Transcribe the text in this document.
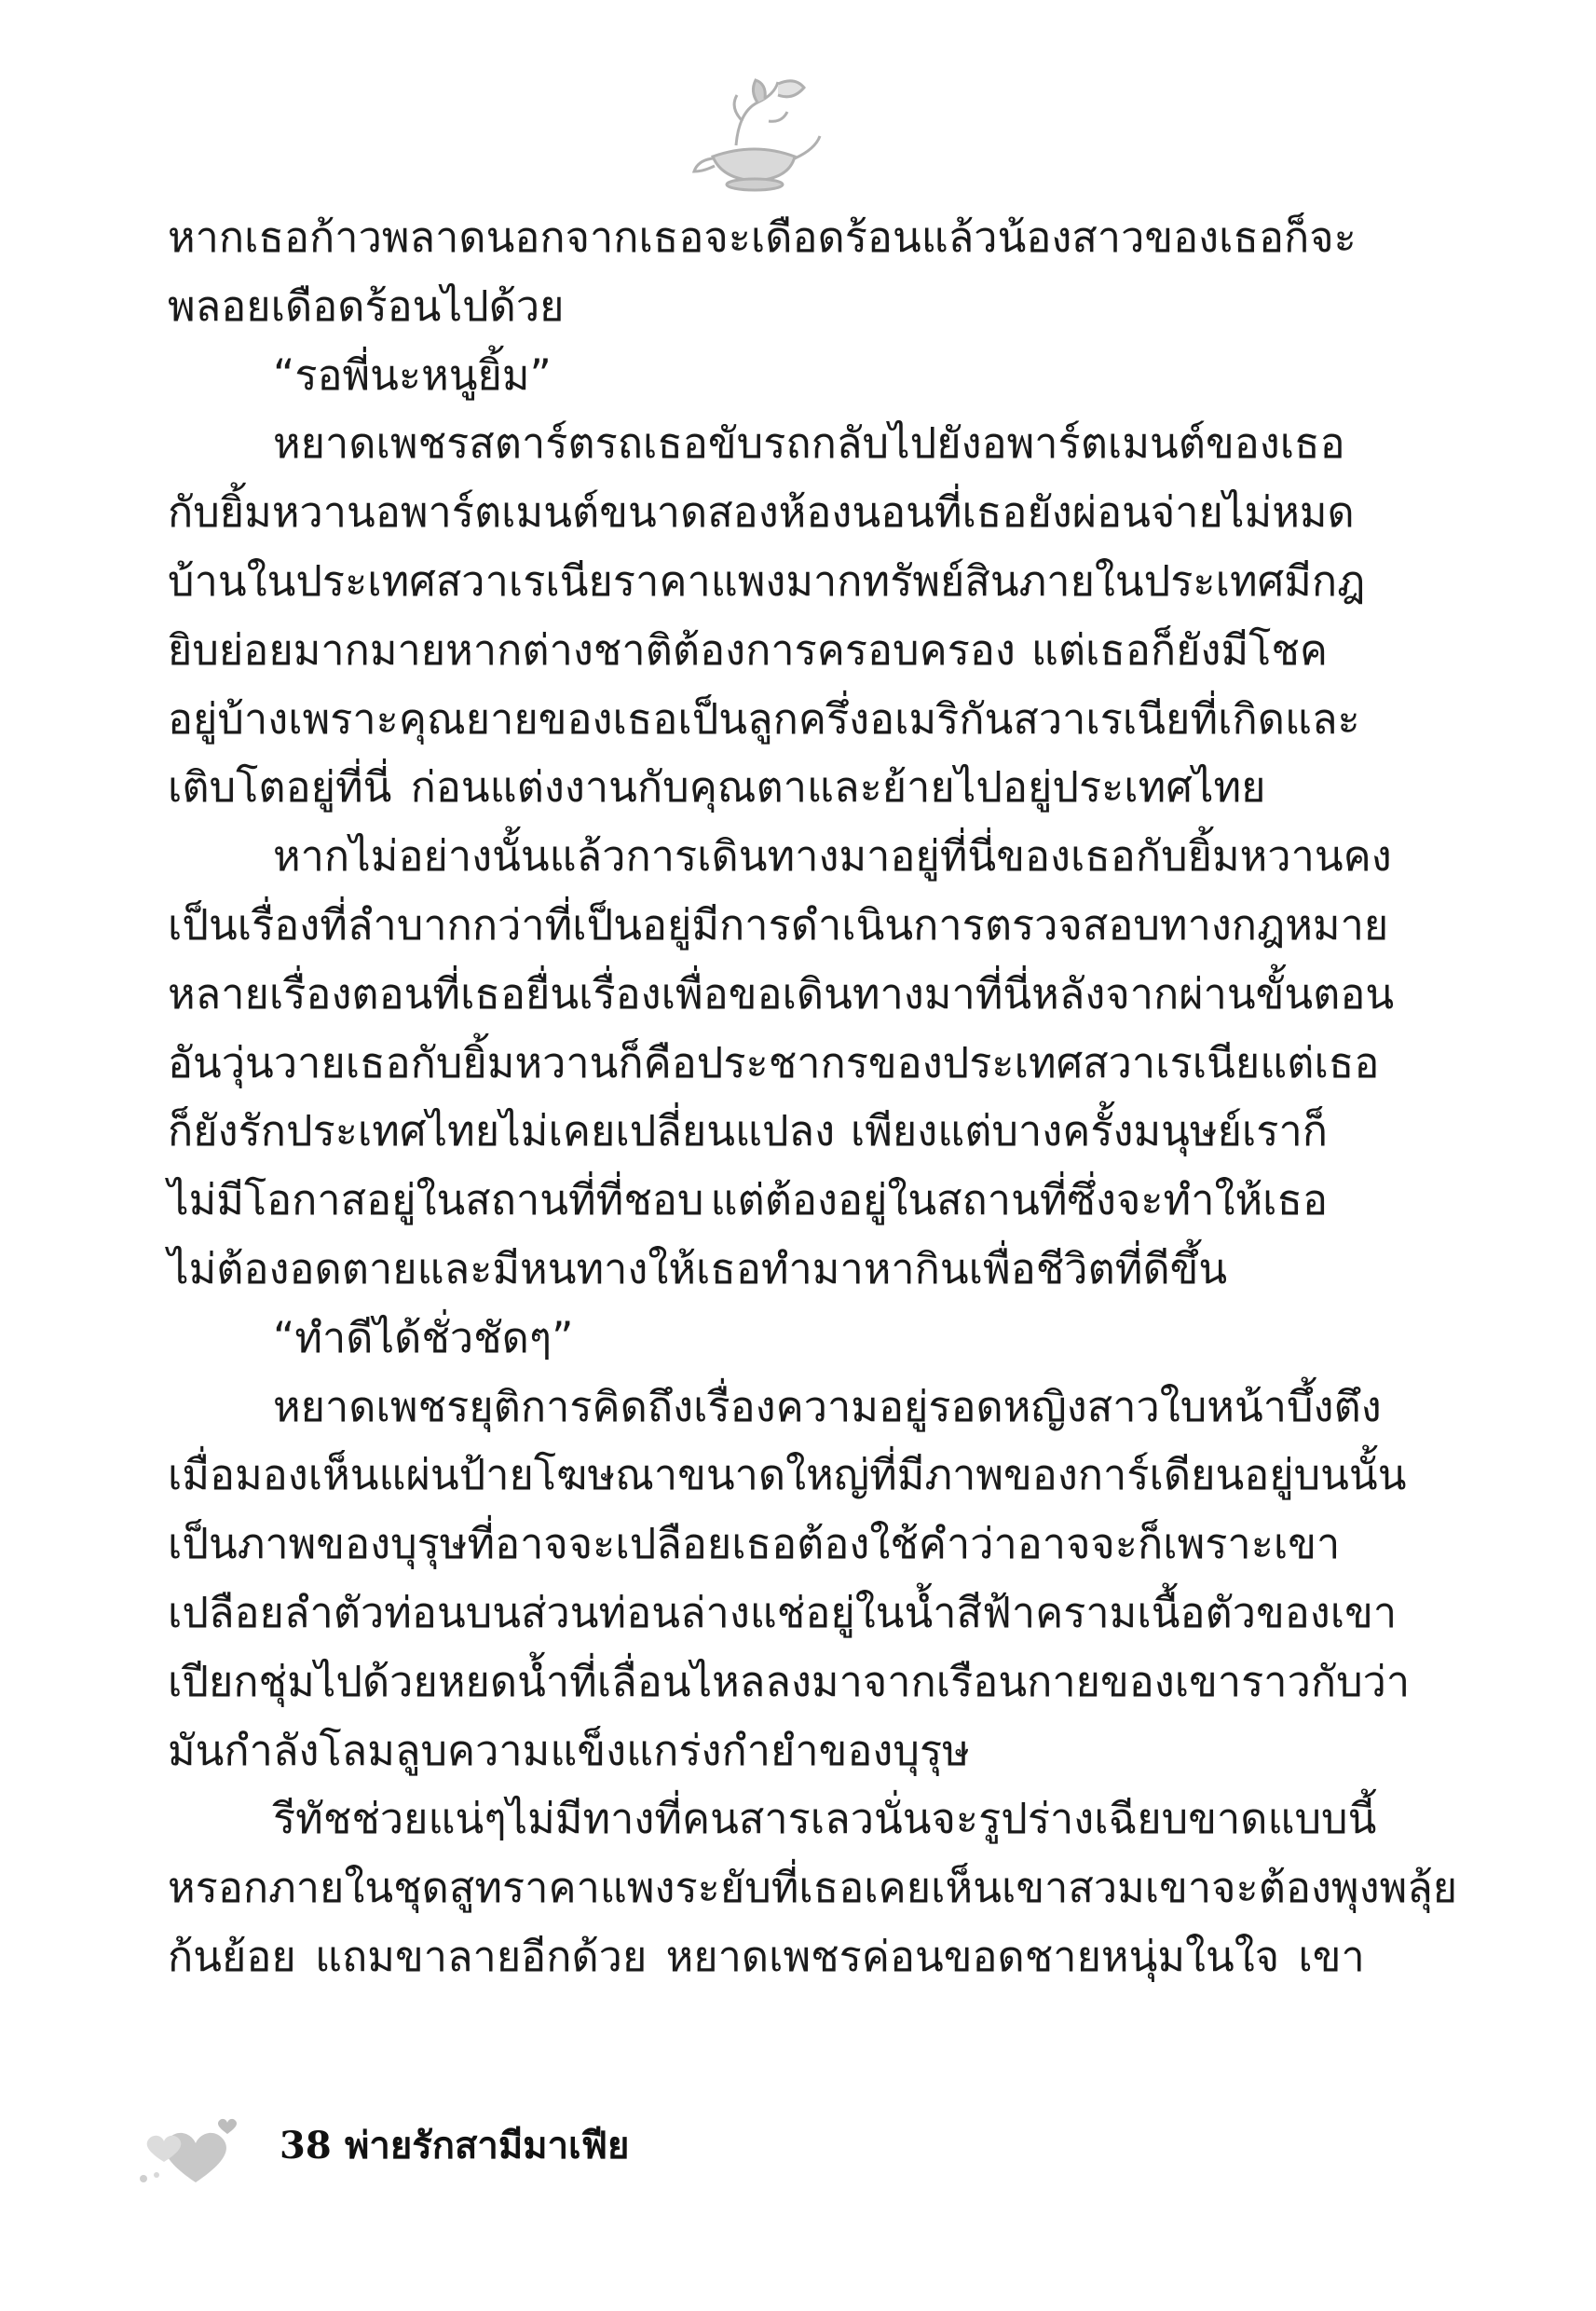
หากเธอก้าวพลาด นอกจากเธอจะเดือดร้อนแล้ว น้องสาวของเธอก็จะ
พลอยเดือดร้อนไปด้วย
“รอพี่นะหนูยิ้ม”
หยาดเพชรสตาร์ตรถ เธอขับรถกลับไปยังอพาร์ตเมนต์ของเธอ
กับยิ้มหวาน อพาร์ตเมนต์ขนาดสองห้องนอนที่เธอยังผ่อนจ่ายไม่หมด
บ้านในประเทศสวาเรเนียราคาแพงมาก ทรัพย์สินภายในประเทศมีกฎ
ยิบย่อยมากมายหากต่างชาติต้องการครอบครอง แต่เธอก็ยังมีโชค
อยู่บ้าง เพราะคุณยายของเธอเป็นลูกครึ่งอเมริกันสวาเรเนีย ที่เกิดและ
เติบโตอยู่ที่นี่ ก่อนแต่งงานกับคุณตาและย้ายไปอยู่ประเทศไทย
หากไม่อย่างนั้นแล้ว การเดินทางมาอยู่ที่นี่ของเธอกับยิ้มหวานคง
เป็นเรื่องที่ลำบากกว่าที่เป็นอยู่ มีการดำเนินการตรวจสอบทางกฎหมาย
หลายเรื่องตอนที่เธอยื่นเรื่องเพื่อขอเดินทางมาที่นี่ หลังจากผ่านขั้นตอน
อันวุ่นวาย เธอกับยิ้มหวานก็คือประชากรของประเทศสวาเรเนีย แต่เธอ
ก็ยังรักประเทศไทยไม่เคยเปลี่ยนแปลง เพียงแต่บางครั้งมนุษย์เราก็
ไม่มีโอกาสอยู่ในสถานที่ที่ชอบ แต่ต้องอยู่ในสถานที่ซึ่งจะทำให้เธอ
ไม่ต้องอดตายและมีหนทางให้เธอทำมาหากินเพื่อชีวิตที่ดีขึ้น
“ทำดีได้ชั่วชัดๆ”
หยาดเพชรยุติการคิดถึงเรื่องความอยู่รอด หญิงสาวใบหน้าบึ้งตึง
เมื่อมองเห็นแผ่นป้ายโฆษณาขนาดใหญ่ที่มีภาพของการ์เดียนอยู่บนนั้น
เป็นภาพของบุรุษที่อาจจะเปลือย เธอต้องใช้คำว่าอาจจะก็เพราะเขา
เปลือยลำตัวท่อนบน ส่วนท่อนล่างแช่อยู่ในน้ำสีฟ้าคราม เนื้อตัวของเขา
เปียกชุ่มไปด้วยหยดน้ำที่เลื่อนไหลลงมาจากเรือนกายของเขา ราวกับว่า
มันกำลังโลมลูบความแข็งแกร่งกำยำของบุรุษ
รีทัชช่วยแน่ๆ ไม่มีทางที่คนสารเลวนั่นจะรูปร่างเฉียบขาดแบบนี้
หรอก ภายในชุดสูทราคาแพงระยับที่เธอเคยเห็นเขาสวม เขาจะต้องพุงพลุ้ย
ก้นย้อย แถมขาลายอีกด้วย หยาดเพชรค่อนขอดชายหนุ่มในใจ เขา
38 พ่ายรักสามีมาเฟีย
